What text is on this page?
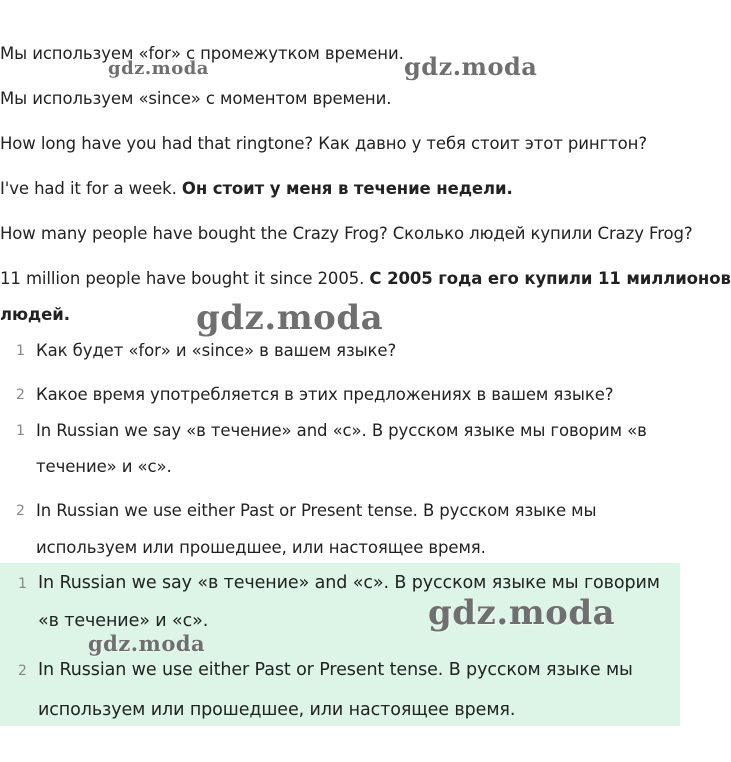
Мы используем «for» с промежутком времени.
Мы используем «since» с моментом времени.
How long have you had that ringtone? Как давно у тебя стоит этот рингтон?
I've had it for a week. Он стоит у меня в течение недели.
How many people have bought the Crazy Frog? Сколько людей купили Crazy Frog?
11 million people have bought it since 2005. С 2005 года его купили 11 миллионов
людей.
1 Как будет «for» и «since» в вашем языке?
2 Какое время употребляется в этих предложениях в вашем языке?
1 In Russian we say «в течение» and «с». В русском языке мы говорим «в
течение» и «с».
2 In Russian we use either Past or Present tense. В русском языке мы
используем или прошедшее, или настоящее время.
1 In Russian we say «в течение» and «с». В русском языке мы говорим
«в течение» и «с».
2 In Russian we use either Past or Present tense. В русском языке мы
используем или прошедшее, или настоящее время.
gdz.moda	gdz.moda
gdz.moda
gdz.moda
gdz.moda
